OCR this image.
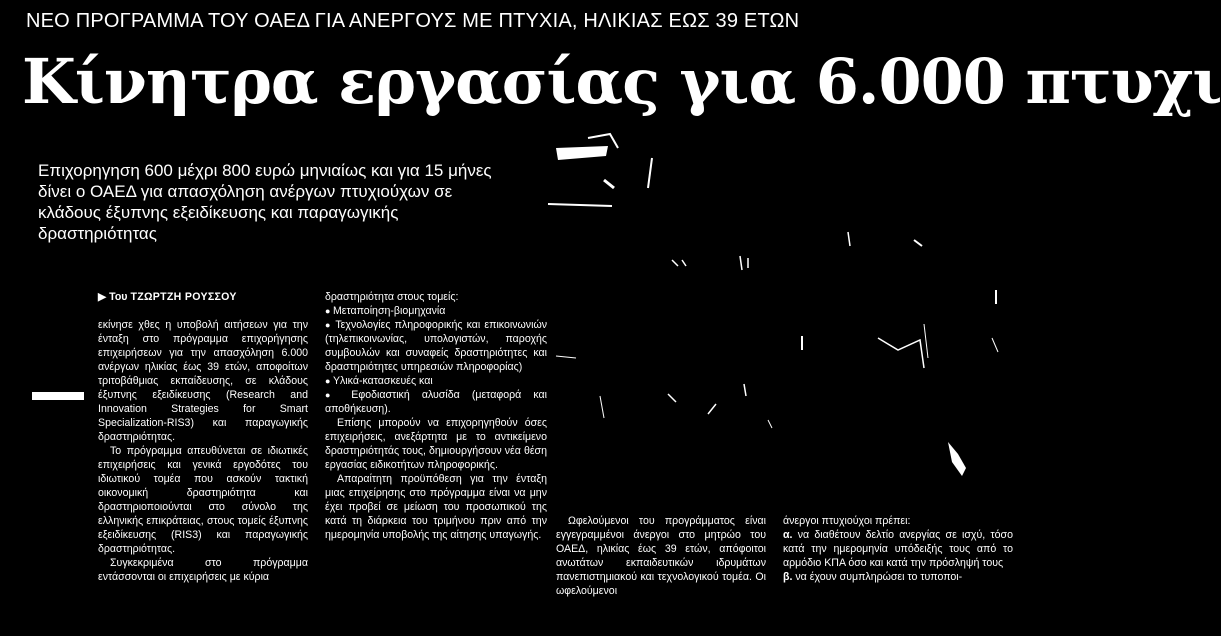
ΝΕΟ ΠΡΟΓΡΑΜΜΑ ΤΟΥ ΟΑΕΔ ΓΙΑ ΑΝΕΡΓΟΥΣ ΜΕ ΠΤΥΧΙΑ, ΗΛΙΚΙΑΣ ΕΩΣ 39 ΕΤΩΝ
Κίνητρα εργασίας για 6.000 πτυχι
Επιχορηγηση 600 μέχρι 800 ευρώ μηνιαίως και για 15 μήνες δίνει ο ΟΑΕΔ για απασχόληση ανέργων πτυχιούχων σε κλάδους έξυπνης εξειδίκευσης και παραγωγικής δραστηριότητας

▶ Του ΤΖΩΡΤΖΗ ΡΟΥΣΣΟΥ

εκίνησε χθες η υποβολή αιτήσεων για την ένταξη στο πρόγραμμα επιχορήγησης επιχειρήσεων για την απασχόληση 6.000 ανέργων ηλικίας έως 39 ετών, αποφοίτων τριτοβάθμιας εκπαίδευσης, σε κλάδους έξυπνης εξειδίκευσης (Research and Innovation Strategies for Smart Specialization-RIS3) και παραγωγικής δραστηριότητας.

Το πρόγραμμα απευθύνεται σε ιδιωτικές επιχειρήσεις και γενικά εργοδότες του ιδιωτικού τομέα που ασκούν τακτική οικονομική δραστηριότητα και δραστηριοποιούνται στο σύνολο της ελληνικής επικράτειας, στους τομείς έξυπνης εξειδίκευσης (RIS3) και παραγωγικής δραστηριότητας.

Συγκεκριμένα στο πρόγραμμα εντάσσονται οι επιχειρήσεις με κύρια

δραστηριότητα στους τομείς:

● Μεταποίηση-βιομηχανία

● Τεχνολογίες πληροφορικής και επικοινωνιών (τηλεπικοινωνίας, υπολογιστών, παροχής συμβουλών και συναφείς δραστηριότητες και δραστηριότητες υπηρεσιών πληροφορίας)

● Υλικά-κατασκευές και

● Εφοδιαστική αλυσίδα (μεταφορά και αποθήκευση).

Επίσης μπορούν να επιχορηγηθούν όσες επιχειρήσεις, ανεξάρτητα με το αντικείμενο δραστηριότητάς τους, δημιουργήσουν νέα θέση εργασίας ειδικοτήτων πληροφορικής.

Απαραίτητη προϋπόθεση για την ένταξη μιας επιχείρησης στο πρόγραμμα είναι να μην έχει προβεί σε μείωση του προσωπικού της κατά τη διάρκεια του τριμήνου πριν από την ημερομηνία υποβολής της αίτησης υπαγωγής.

Ωφελούμενοι του προγράμματος είναι εγγεγραμμένοι άνεργοι στο μητρώο του ΟΑΕΔ, ηλικίας έως 39 ετών, απόφοιτοι ανωτάτων εκπαιδευτικών ιδρυμάτων πανεπιστημιακού και τεχνολογικού τομέα. Οι ωφελούμενοι

άνεργοι πτυχιούχοι πρέπει:

α. να διαθέτουν δελτίο ανεργίας σε ισχύ, τόσο κατά την ημερομηνία υπόδειξής τους από το αρμόδιο ΚΠΑ όσο και κατά την πρόσληψή τους

β. να έχουν συμπληρώσει το τυποποι-
